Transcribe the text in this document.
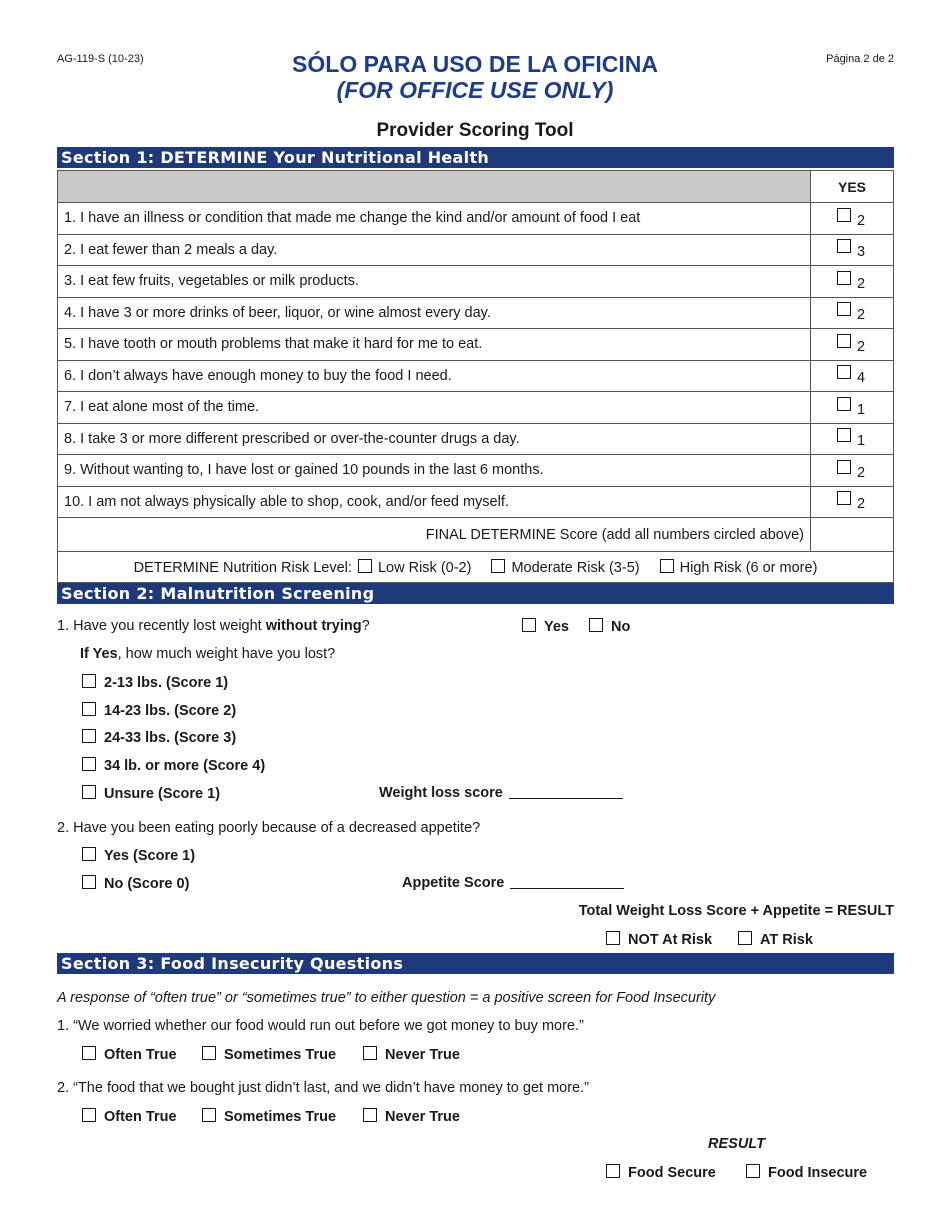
AG-119-S (10-23)	Página 2 de 2
SÓLO PARA USO DE LA OFICINA
(FOR OFFICE USE ONLY)
Provider Scoring Tool
Section 1: DETERMINE Your Nutritional Health
	YES
1. I have an illness or condition that made me change the kind and/or amount of food I eat	2
2. I eat fewer than 2 meals a day.	3
3. I eat few fruits, vegetables or milk products.	2
4. I have 3 or more drinks of beer, liquor, or wine almost every day.	2
5. I have tooth or mouth problems that make it hard for me to eat.	2
6. I don’t always have enough money to buy the food I need.	4
7. I eat alone most of the time.	1
8. I take 3 or more different prescribed or over-the-counter drugs a day.	1
9. Without wanting to, I have lost or gained 10 pounds in the last 6 months.	2
10. I am not always physically able to shop, cook, and/or feed myself.	2
FINAL DETERMINE Score (add all numbers circled above)	
DETERMINE Nutrition Risk Level: Low Risk (0-2) Moderate Risk (3-5) High Risk (6 or more)	
Section 2: Malnutrition Screening
1. Have you recently lost weight without trying?	Yes	No
If Yes, how much weight have you lost?
2-13 lbs. (Score 1)
14-23 lbs. (Score 2)
24-33 lbs. (Score 3)
34 lb. or more (Score 4)
Unsure (Score 1)	Weight loss score
2. Have you been eating poorly because of a decreased appetite?
Yes (Score 1)
No (Score 0)	Appetite Score
Total Weight Loss Score + Appetite = RESULT
NOT At Risk	AT Risk
Section 3: Food Insecurity Questions
A response of “often true” or “sometimes true” to either question = a positive screen for Food Insecurity
1. “We worried whether our food would run out before we got money to buy more.”
Often True	Sometimes True	Never True
2. “The food that we bought just didn’t last, and we didn’t have money to get more.”
Often True	Sometimes True	Never True
RESULT
Food Secure	Food Insecure
